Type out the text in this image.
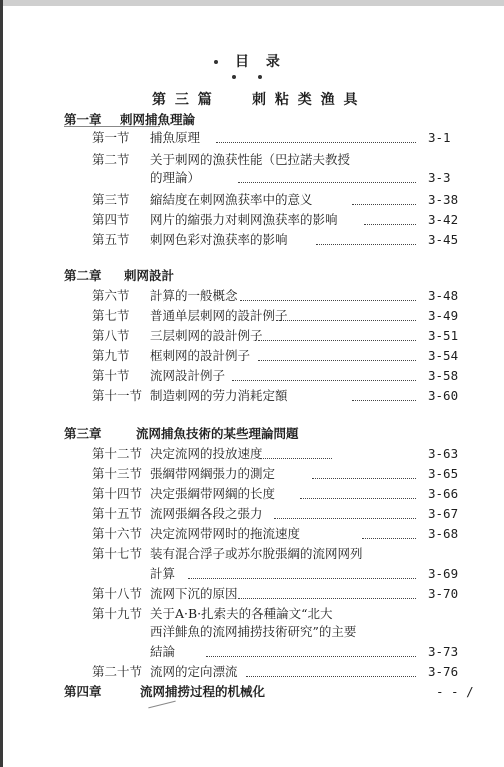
目 录
第 三 篇	刺 粘 类 渔 具
第一章 刺网捕魚理論
第一节 捕魚原理	3-1
第二节 关于刺网的漁获性能（巴拉諾夫教授
的理論）	3-3
第三节 縮結度在刺网漁获率中的意义	3-38
第四节 网片的縮張力对刺网漁获率的影响	3-42
第五节 刺网色彩对漁获率的影响	3-45
第二章 刺网設計
第六节 計算的一般概念	3-48
第七节 普通单层刺网的設計例子	3-49
第八节 三层刺网的設計例子	3-51
第九节 框刺网的設計例子	3-54
第十节 流网設計例子	3-58
第十一节 制造刺网的劳力消耗定額	3-60
第三章	流网捕魚技術的某些理論問題
第十二节 决定流网的投放速度	3-63
第十三节 張綱带网綱張力的測定	3-65
第十四节 决定張綱带网綱的长度	3-66
第十五节 流网張綱各段之張力	3-67
第十六节 决定流网带网时的拖流速度	3-68
第十七节 装有混合浮子或苏尔脫張綱的流网网列
計算	3-69
第十八节 流网下沉的原因	3-70
第十九节 关于A·B·扎索夫的各種論文“北大
西洋鯡魚的流网捕捞技術研究”的主要
結論	3-73
第二十节 流网的定向漂流	3-76
第四章	流网捕捞过程的机械化	- - /
